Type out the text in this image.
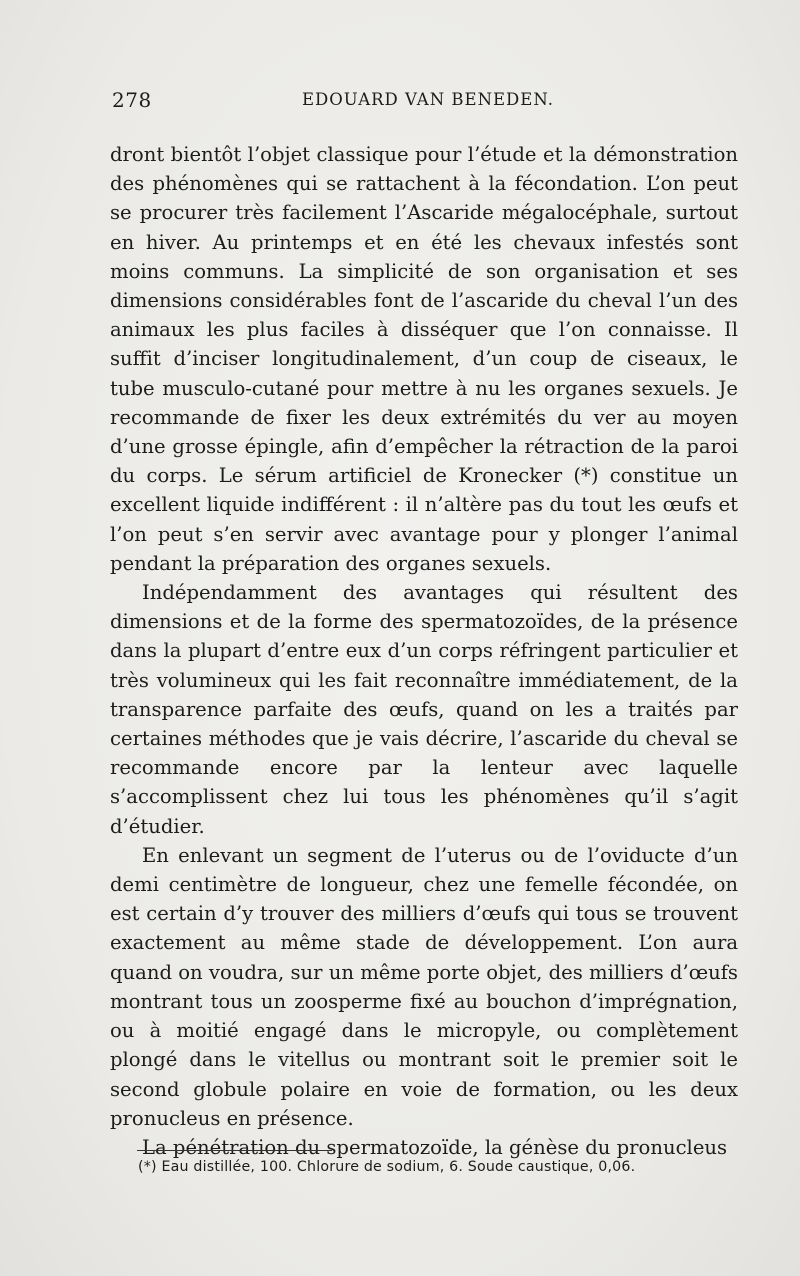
278	EDOUARD VAN BENEDEN.

dront bientôt l’objet classique pour l’étude et la démonstration des phénomènes qui se rattachent à la fécondation. L’on peut se procurer très facilement l’Ascaride mégalocéphale, surtout en hiver. Au printemps et en été les chevaux infestés sont moins communs. La simplicité de son organisation et ses dimensions considérables font de l’ascaride du cheval l’un des animaux les plus faciles à disséquer que l’on connaisse. Il suffit d’inciser longitudinalement, d’un coup de ciseaux, le tube musculo-cutané pour mettre à nu les organes sexuels. Je recommande de fixer les deux extrémités du ver au moyen d’une grosse épingle, afin d’empêcher la rétraction de la paroi du corps. Le sérum artificiel de Kronecker (*) constitue un excellent liquide indifférent : il n’altère pas du tout les œufs et l’on peut s’en servir avec avantage pour y plonger l’animal pendant la préparation des organes sexuels.

Indépendamment des avantages qui résultent des dimensions et de la forme des spermatozoïdes, de la présence dans la plupart d’entre eux d’un corps réfringent particulier et très volumineux qui les fait reconnaître immédiatement, de la transparence parfaite des œufs, quand on les a traités par certaines méthodes que je vais décrire, l’ascaride du cheval se recommande encore par la lenteur avec laquelle s’accomplissent chez lui tous les phénomènes qu’il s’agit d’étudier.

En enlevant un segment de l’uterus ou de l’oviducte d’un demi centimètre de longueur, chez une femelle fécondée, on est certain d’y trouver des milliers d’œufs qui tous se trouvent exactement au même stade de développement. L’on aura quand on voudra, sur un même porte objet, des milliers d’œufs montrant tous un zoosperme fixé au bouchon d’imprégnation, ou à moitié engagé dans le micropyle, ou complètement plongé dans le vitellus ou montrant soit le premier soit le second globule polaire en voie de formation, ou les deux pronucleus en présence.

La pénétration du spermatozoïde, la génèse du pronucleus

(*) Eau distillée, 100. Chlorure de sodium, 6. Soude caustique, 0,06.
